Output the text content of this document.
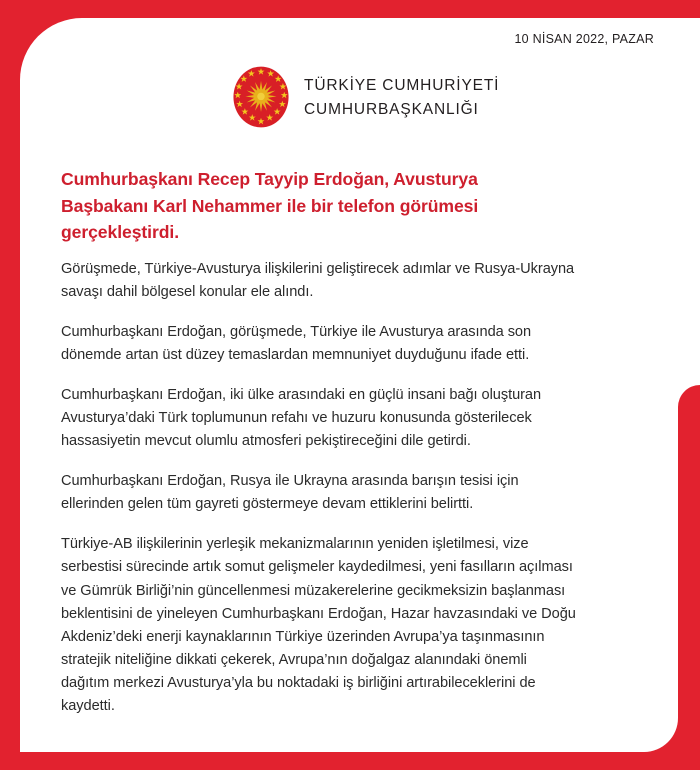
10 NİSAN 2022, PAZAR
TÜRKİYE CUMHURİYETİ
CUMHURBAŞKANLIĞI
Cumhurbaşkanı Recep Tayyip Erdoğan, Avusturya Başbakanı Karl Nehammer ile bir telefon görümesi gerçekleştirdi.

Görüşmede, Türkiye-Avusturya ilişkilerini geliştirecek adımlar ve Rusya-Ukrayna savaşı dahil bölgesel konular ele alındı.

Cumhurbaşkanı Erdoğan, görüşmede, Türkiye ile Avusturya arasında son dönemde artan üst düzey temaslardan memnuniyet duyduğunu ifade etti.

Cumhurbaşkanı Erdoğan, iki ülke arasındaki en güçlü insani bağı oluşturan Avusturya’daki Türk toplumunun refahı ve huzuru konusunda gösterilecek hassasiyetin mevcut olumlu atmosferi pekiştireceğini dile getirdi.

Cumhurbaşkanı Erdoğan, Rusya ile Ukrayna arasında barışın tesisi için ellerinden gelen tüm gayreti göstermeye devam ettiklerini belirtti.

Türkiye-AB ilişkilerinin yerleşik mekanizmalarının yeniden işletilmesi, vize serbestisi sürecinde artık somut gelişmeler kaydedilmesi, yeni fasılların açılması ve Gümrük Birliği’nin güncellenmesi müzakerelerine gecikmeksizin başlanması beklentisini de yineleyen Cumhurbaşkanı Erdoğan, Hazar havzasındaki ve Doğu Akdeniz’deki enerji kaynaklarının Türkiye üzerinden Avrupa’ya taşınmasının stratejik niteliğine dikkati çekerek, Avrupa’nın doğalgaz alanındaki önemli dağıtım merkezi Avusturya’yla bu noktadaki iş birliğini artırabileceklerini de kaydetti.
